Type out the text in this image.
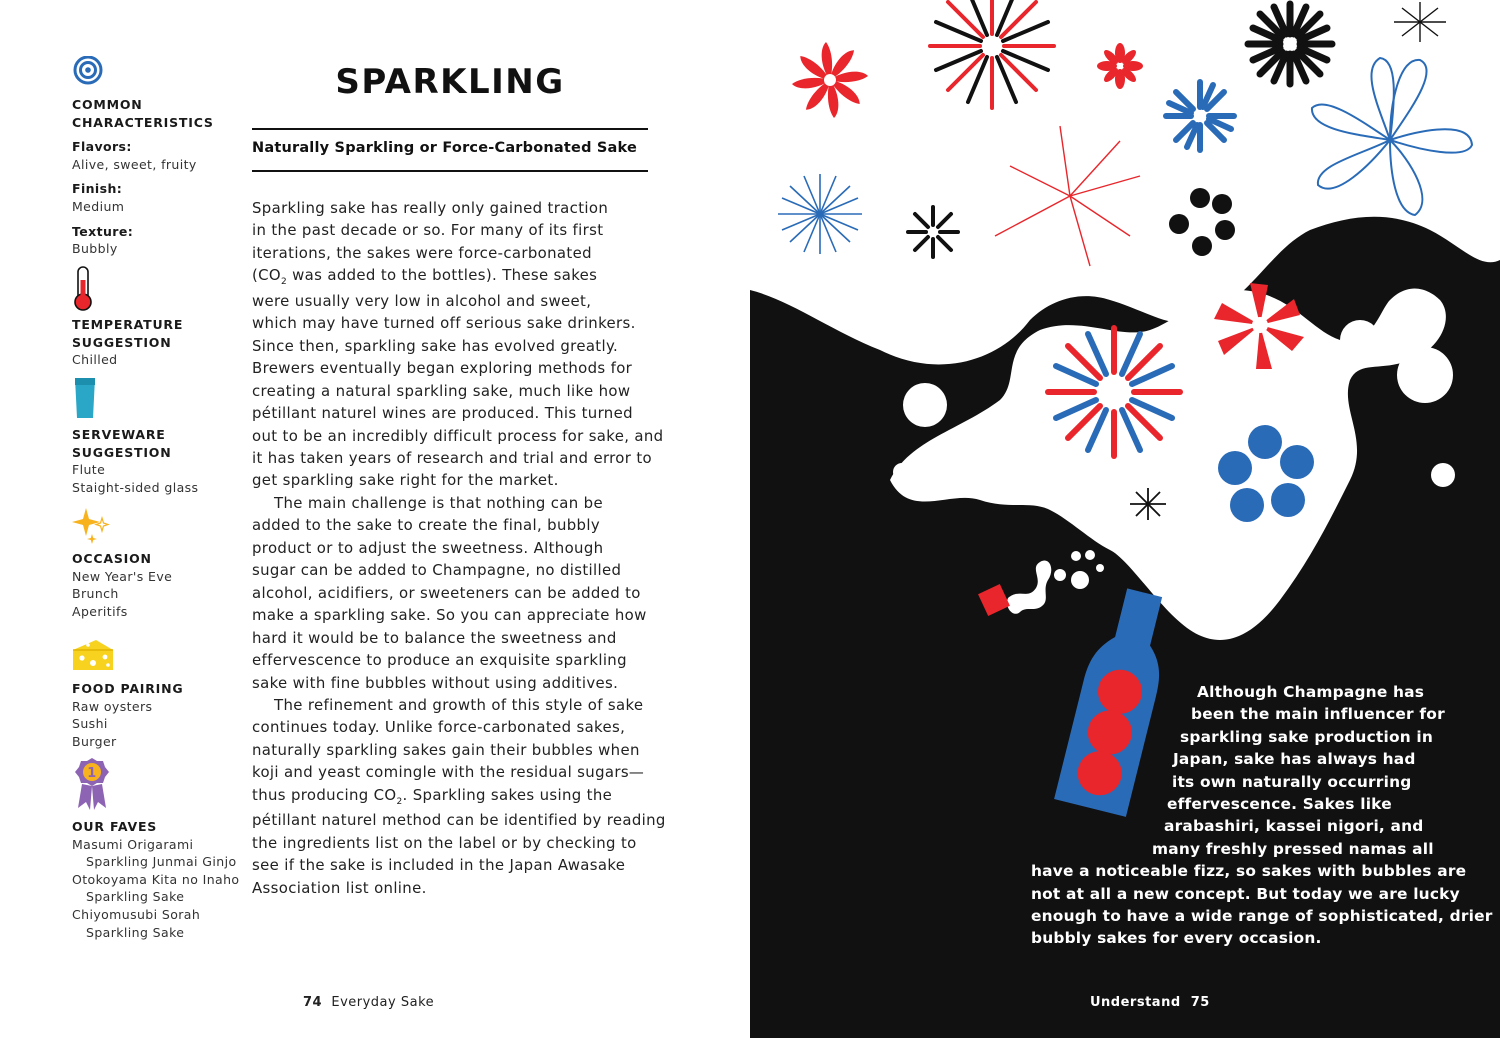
COMMON
CHARACTERISTICS
Flavors:
Alive, sweet, fruity
Finish:
Medium
Texture:
Bubbly
TEMPERATURE
SUGGESTION
Chilled
SERVEWARE
SUGGESTION
Flute
Staight-sided glass
OCCASION
New Year's Eve
Brunch
Aperitifs
FOOD PAIRING
Raw oysters
Sushi
Burger
1
OUR FAVES
Masumi Origarami
Sparkling Junmai Ginjo
Otokoyama Kita no Inaho
Sparkling Sake
Chiyomusubi Sorah
Sparkling Sake
SPARKLING
Naturally Sparkling or Force-Carbonated Sake

Sparkling sake has really only gained traction

in the past decade or so. For many of its first

iterations, the sakes were force-carbonated

($CO_2$ was added to the bottles). These sakes

were usually very low in alcohol and sweet,

which may have turned off serious sake drinkers.

Since then, sparkling sake has evolved greatly.

Brewers eventually began exploring methods for

creating a natural sparkling sake, much like how

pétillant naturel wines are produced. This turned

out to be an incredibly difficult process for sake, and

it has taken years of research and trial and error to

get sparkling sake right for the market.

The main challenge is that nothing can be

added to the sake to create the final, bubbly

product or to adjust the sweetness. Although

sugar can be added to Champagne, no distilled

alcohol, acidifiers, or sweeteners can be added to

make a sparkling sake. So you can appreciate how

hard it would be to balance the sweetness and

effervescence to produce an exquisite sparkling

sake with fine bubbles without using additives.

The refinement and growth of this style of sake

continues today. Unlike force-carbonated sakes,

naturally sparkling sakes gain their bubbles when

koji and yeast comingle with the residual sugars—

thus producing $CO_2$. Sparkling sakes using the

pétillant naturel method can be identified by reading

the ingredients list on the label or by checking to

see if the sake is included in the Japan Awasake

Association list online.

74 Everyday Sake
Although Champagne has
been the main influencer for
sparkling sake production in
Japan, sake has always had
its own naturally occurring
effervescence. Sakes like
arabashiri, kassei nigori, and
many freshly pressed namas all
have a noticeable fizz, so sakes with bubbles are
not at all a new concept. But today we are lucky
enough to have a wide range of sophisticated, drier
bubbly sakes for every occasion.
Understand 75
